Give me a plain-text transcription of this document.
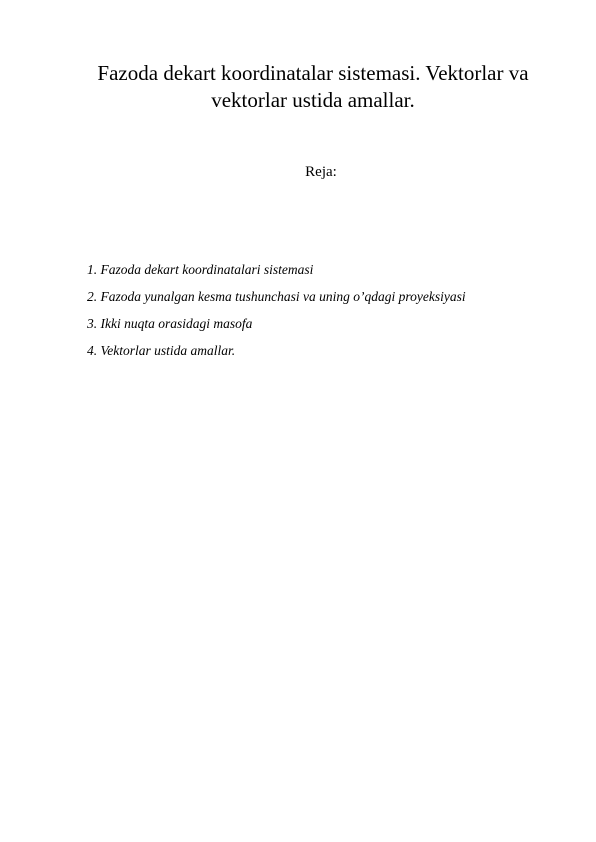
Fazoda dekart koordinatalar sistemasi. Vektorlar va
vektorlar ustida amallar.
Reja:
1. Fazoda dekart koordinatalari sistemasi
2. Fazoda yunalgan kesma tushunchasi va uning o’qdagi proyeksiyasi
3. Ikki nuqta orasidagi masofa
4. Vektorlar ustida amallar.
